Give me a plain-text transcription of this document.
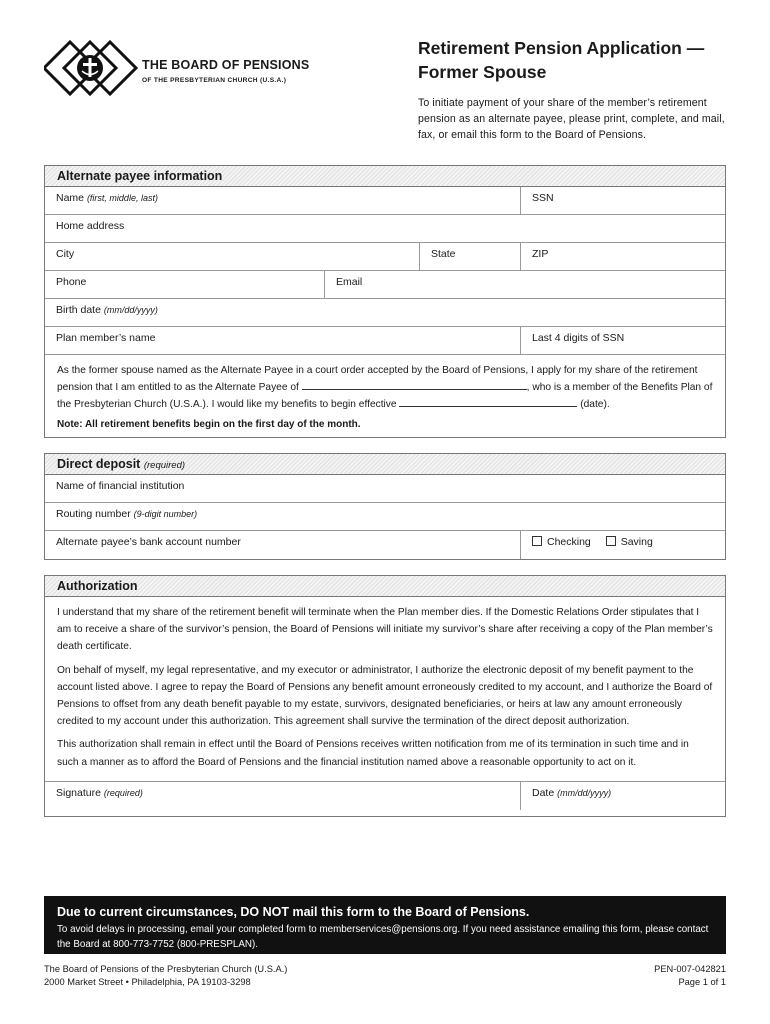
THE BOARD OF PENSIONS
OF THE PRESBYTERIAN CHURCH (U.S.A.)
Retirement Pension Application —
Former Spouse
To initiate payment of your share of the member’s retirement pension as an alternate payee, please print, complete, and mail, fax, or email this form to the Board of Pensions.
Alternate payee information
Name (first, middle, last)	SSN
Home address
City	State	ZIP
Phone	Email
Birth date (mm/dd/yyyy)
Plan member’s name	Last 4 digits of SSN
As the former spouse named as the Alternate Payee in a court order accepted by the Board of Pensions, I apply for my share of the retirement pension that I am entitled to as the Alternate Payee of	, who is a member of the Benefits Plan of the Presbyterian Church (U.S.A.). I would like my benefits to begin effective	(date).
Note: All retirement benefits begin on the first day of the month.
Direct deposit (required)
Name of financial institution
Routing number (9-digit number)
Alternate payee’s bank account number	Checking	Saving
Authorization

I understand that my share of the retirement benefit will terminate when the Plan member dies. If the Domestic Relations Order stipulates that I am to receive a share of the survivor’s pension, the Board of Pensions will initiate my survivor’s share after receiving a copy of the Plan member’s death certificate.

On behalf of myself, my legal representative, and my executor or administrator, I authorize the electronic deposit of my benefit payment to the account listed above. I agree to repay the Board of Pensions any benefit amount erroneously credited to my account, and I authorize the Board of Pensions to offset from any death benefit payable to my estate, survivors, designated beneficiaries, or heirs at law any amount erroneously credited to my account under this authorization. This agreement shall survive the termination of the direct deposit authorization.

This authorization shall remain in effect until the Board of Pensions receives written notification from me of its termination in such time and in such a manner as to afford the Board of Pensions and the financial institution named above a reasonable opportunity to act on it.

Signature (required)	Date (mm/dd/yyyy)
Due to current circumstances, DO NOT mail this form to the Board of Pensions.
To avoid delays in processing, email your completed form to memberservices@pensions.org. If you need assistance emailing this form, please contact the Board at 800-773-7752 (800-PRESPLAN).
The Board of Pensions of the Presbyterian Church (U.S.A.)
2000 Market Street • Philadelphia, PA 19103-3298
PEN-007-042821
Page 1 of 1
